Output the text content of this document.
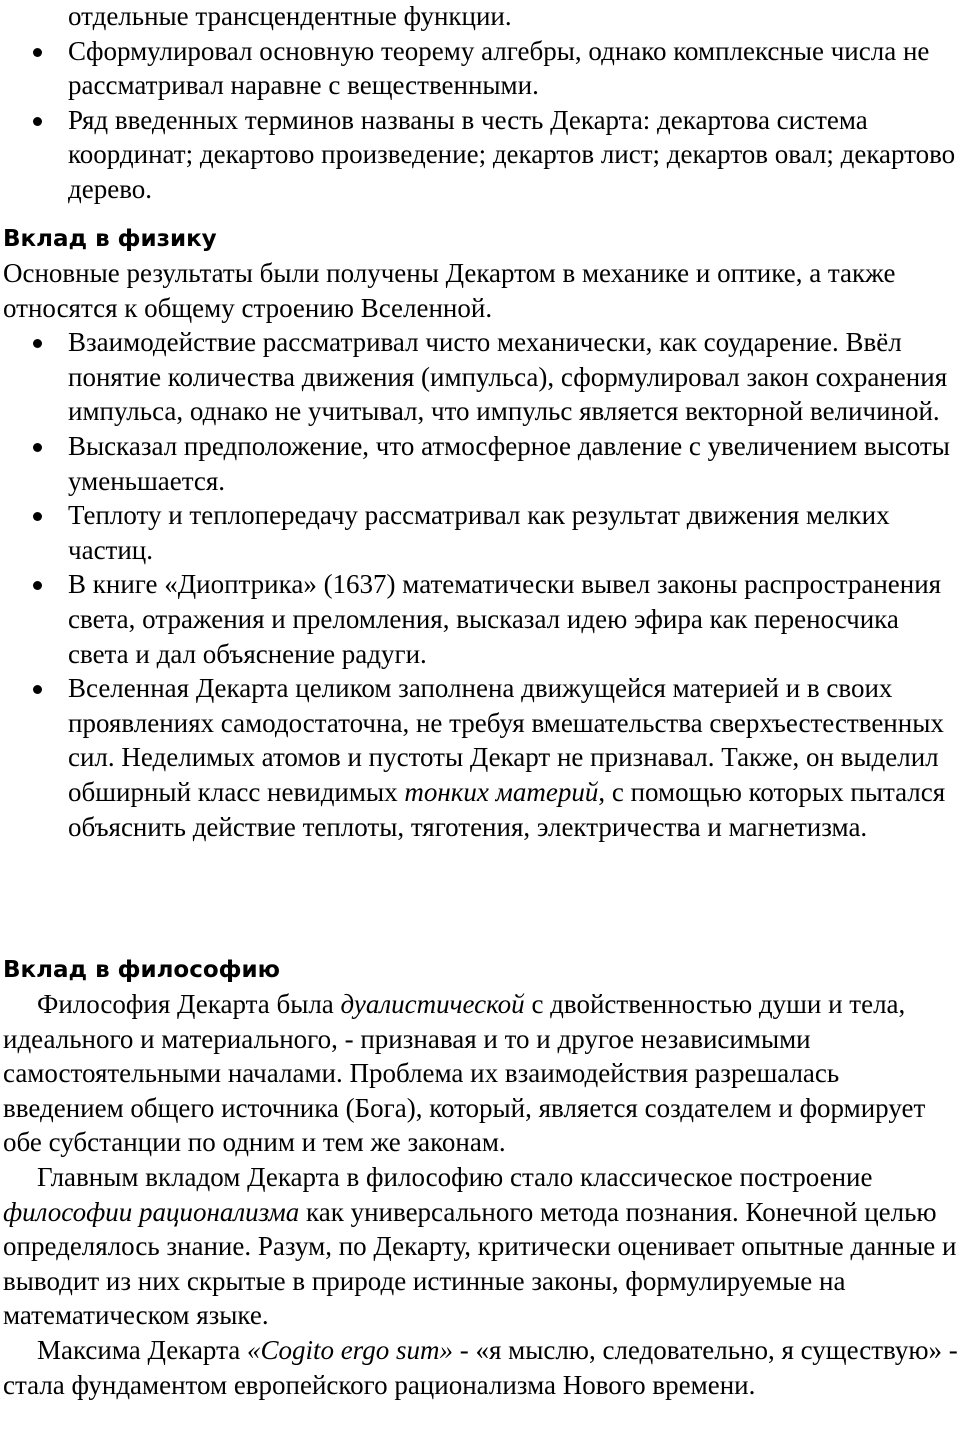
отдельные трансцендентные функции.
Сформулировал основную теорему алгебры, однако комплексные числа не рассматривал наравне с вещественными.
Ряд введенных терминов названы в честь Декарта: декартова система координат; декартово произведение; декартов лист; декартов овал; декартово дерево.
Вклад в физику

Основные результаты были получены Декартом в механике и оптике, а также относятся к общему строению Вселенной.

Взаимодействие рассматривал чисто механически, как соударение. Ввёл понятие количества движения (импульса), сформулировал закон сохранения импульса, однако не учитывал, что импульс является векторной величиной.
Высказал предположение, что атмосферное давление с увеличением высоты уменьшается.
Теплоту и теплопередачу рассматривал как результат движения мелких частиц.
В книге «Диоптрика» (1637) математически вывел законы распространения света, отражения и преломления, высказал идею эфира как переносчика света и дал объяснение радуги.
Вселенная Декарта целиком заполнена движущейся материей и в своих проявлениях самодостаточна, не требуя вмешательства сверхъестественных сил. Неделимых атомов и пустоты Декарт не признавал. Также, он выделил обширный класс невидимых тонких материй, с помощью которых пытался объяснить действие теплоты, тяготения, электричества и магнетизма.
Вклад в философию

Философия Декарта была дуалистической с двойственностью души и тела, идеального и материального, - признавая и то и другое независимыми самостоятельными началами. Проблема их взаимодействия разрешалась введением общего источника (Бога), который, является создателем и формирует обе субстанции по одним и тем же законам.

Главным вкладом Декарта в философию стало классическое построение философии рационализма как универсального метода познания. Конечной целью определялось знание. Разум, по Декарту, критически оценивает опытные данные и выводит из них скрытые в природе истинные законы, формулируемые на математическом языке.

Максима Декарта «Cogito ergo sum» - «я мыслю, следовательно, я существую» - стала фундаментом европейского рационализма Нового времени.
